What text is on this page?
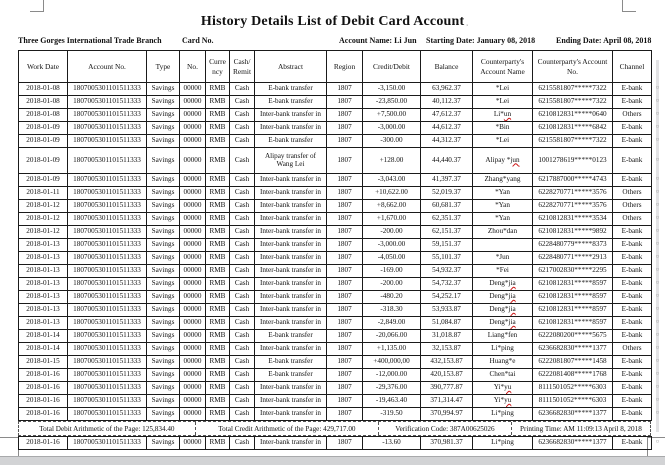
History Details List of Debit Card Account ,
Three Gorges International Trade Branch	Card No.	Account Name: Li Jun Starting Date: January 08, 2018	Ending Date: April 08, 2018
Work Date	Account No.	Type	No.	Curre ncy	Cash/ Remit	Abstract	Region	Credit/Debit	Balance	Counterparty's Account Name	Counterparty's Account No.	Channel
2018-01-08	1807005301101511333	Savings	00000	RMB	Cash	E-bank transfer	1807	-3,150.00	63,962.37	*Lei	6215581807*****7322	E-bank ¤
2018-01-08	1807005301101511333	Savings	00000	RMB	Cash	E-bank transfer	1807	-23,850.00	40,112.37	*Lei	6215581807*****7322	E-bank ¤
2018-01-08	1807005301101511333	Savings	00000	RMB	Cash	Inter-bank transfer in	1807	+7,500.00	47,612.37	Li*un	6210812831*****0640	Others ¤
2018-01-09	1807005301101511333	Savings	00000	RMB	Cash	Inter-bank transfer in	1807	-3,000.00	44,612.37	*Bin	6210812831*****6842	E-bank ¤
2018-01-09	1807005301101511333	Savings	00000	RMB	Cash	E-bank transfer	1807	-300.00	44,312.37	*Lei	6215581807*****7322	E-bank ¤
2018-01-09	1807005301101511333	Savings	00000	RMB	Cash	Alipay transfer of Wang Lei	1807	+128.00	44,440.37	Alipay *jun	1001278619*****0123	E-bank ¤
2018-01-09	1807005301101511333	Savings	00000	RMB	Cash	Inter-bank transfer in	1807	-3,043.00	41,397.37	Zhang*yang	6217887000*****4743	E-bank ¤
2018-01-11	1807005301101511333	Savings	00000	RMB	Cash	Inter-bank transfer in	1807	+10,622.00	52,019.37	*Yan	6228270771*****3576	Others ¤
2018-01-12	1807005301101511333	Savings	00000	RMB	Cash	Inter-bank transfer in	1807	+8,662.00	60,681.37	*Yan	6228270771*****3576	Others ¤
2018-01-12	1807005301101511333	Savings	00000	RMB	Cash	Inter-bank transfer in	1807	+1,670.00	62,351.37	*Yan	6210812831*****3534	Others ¤
2018-01-12	1807005301101511333	Savings	00000	RMB	Cash	Inter-bank transfer in	1807	-200.00	62,151.37	Zhou*dan	6210812831*****9892	E-bank ¤
2018-01-13	1807005301101511333	Savings	00000	RMB	Cash	Inter-bank transfer in	1807	-3,000.00	59,151.37		6228480779*****8373	E-bank ¤
2018-01-13	1807005301101511333	Savings	00000	RMB	Cash	Inter-bank transfer in	1807	-4,050.00	55,101.37	*Jun	6228480771*****2913	E-bank ¤
2018-01-13	1807005301101511333	Savings	00000	RMB	Cash	Inter-bank transfer in	1807	-169.00	54,932.37	*Fei	6217002830*****2295	E-bank ¤
2018-01-13	1807005301101511333	Savings	00000	RMB	Cash	Inter-bank transfer in	1807	-200.00	54,732.37	Deng*jia	6210812831*****8597	E-bank ¤
2018-01-13	1807005301101511333	Savings	00000	RMB	Cash	Inter-bank transfer in	1807	-480.20	54,252.17	Deng*jia	6210812831*****8597	E-bank ¤
2018-01-13	1807005301101511333	Savings	00000	RMB	Cash	Inter-bank transfer in	1807	-318.30	53,933.87	Deng*jia	6210812831*****8597	E-bank ¤
2018-01-13	1807005301101511333	Savings	00000	RMB	Cash	Inter-bank transfer in	1807	-2,849.00	51,084.87	Deng*jia	6210812831*****8597	E-bank ¤
2018-01-14	1807005301101511333	Savings	00000	RMB	Cash	E-bank transfer	1807	-20,066.00	31,018.87	Liang*fen	6222080200*****5675	E-bank ¤
2018-01-14	1807005301101511333	Savings	00000	RMB	Cash	Inter-bank transfer in	1807	+1,135.00	32,153.87	Li*ping	6236682830*****1377	Others ¤
2018-01-15	1807005301101511333	Savings	00000	RMB	Cash	E-bank transfer	1807	+400,000,00	432,153.87	Huang*e	6222081807*****1458	E-bank ¤
2018-01-16	1807005301101511333	Savings	00000	RMB	Cash	E-bank transfer	1807	-12,000.00	420,153.87	Chen*tai	6222081408*****1768	E-bank ¤
2018-01-16	1807005301101511333	Savings	00000	RMB	Cash	Inter-bank transfer in	1807	-29,376.00	390,777.87	Yi*yu	8111501052*****6303	E-bank ¤
2018-01-16	1807005301101511333	Savings	00000	RMB	Cash	Inter-bank transfer in	1807	-19,463.40	371,314.47	Yi*yu	8111501052*****6303	E-bank ¤
2018-01-16	1807005301101511333	Savings	00000	RMB	Cash	Inter-bank transfer in	1807	-319.50	370,994.97	Li*ping	6236682830*****1377	E-bank ¤
Total Debit Arithmetic of the Page: 125,834.40	Total Credit Arithmetic of the Page: 429,717.00	Verification Code: 387A00625026	Printing Time: AM 11:09:13 April 8, 2018 ¤
2018-01-16	1807005301101511333	Savings	00000	RMB	Cash	Inter-bank transfer in	1807	-13.60	370,981.37	Li*ping	6236682830*****1377	E-bank ¤
